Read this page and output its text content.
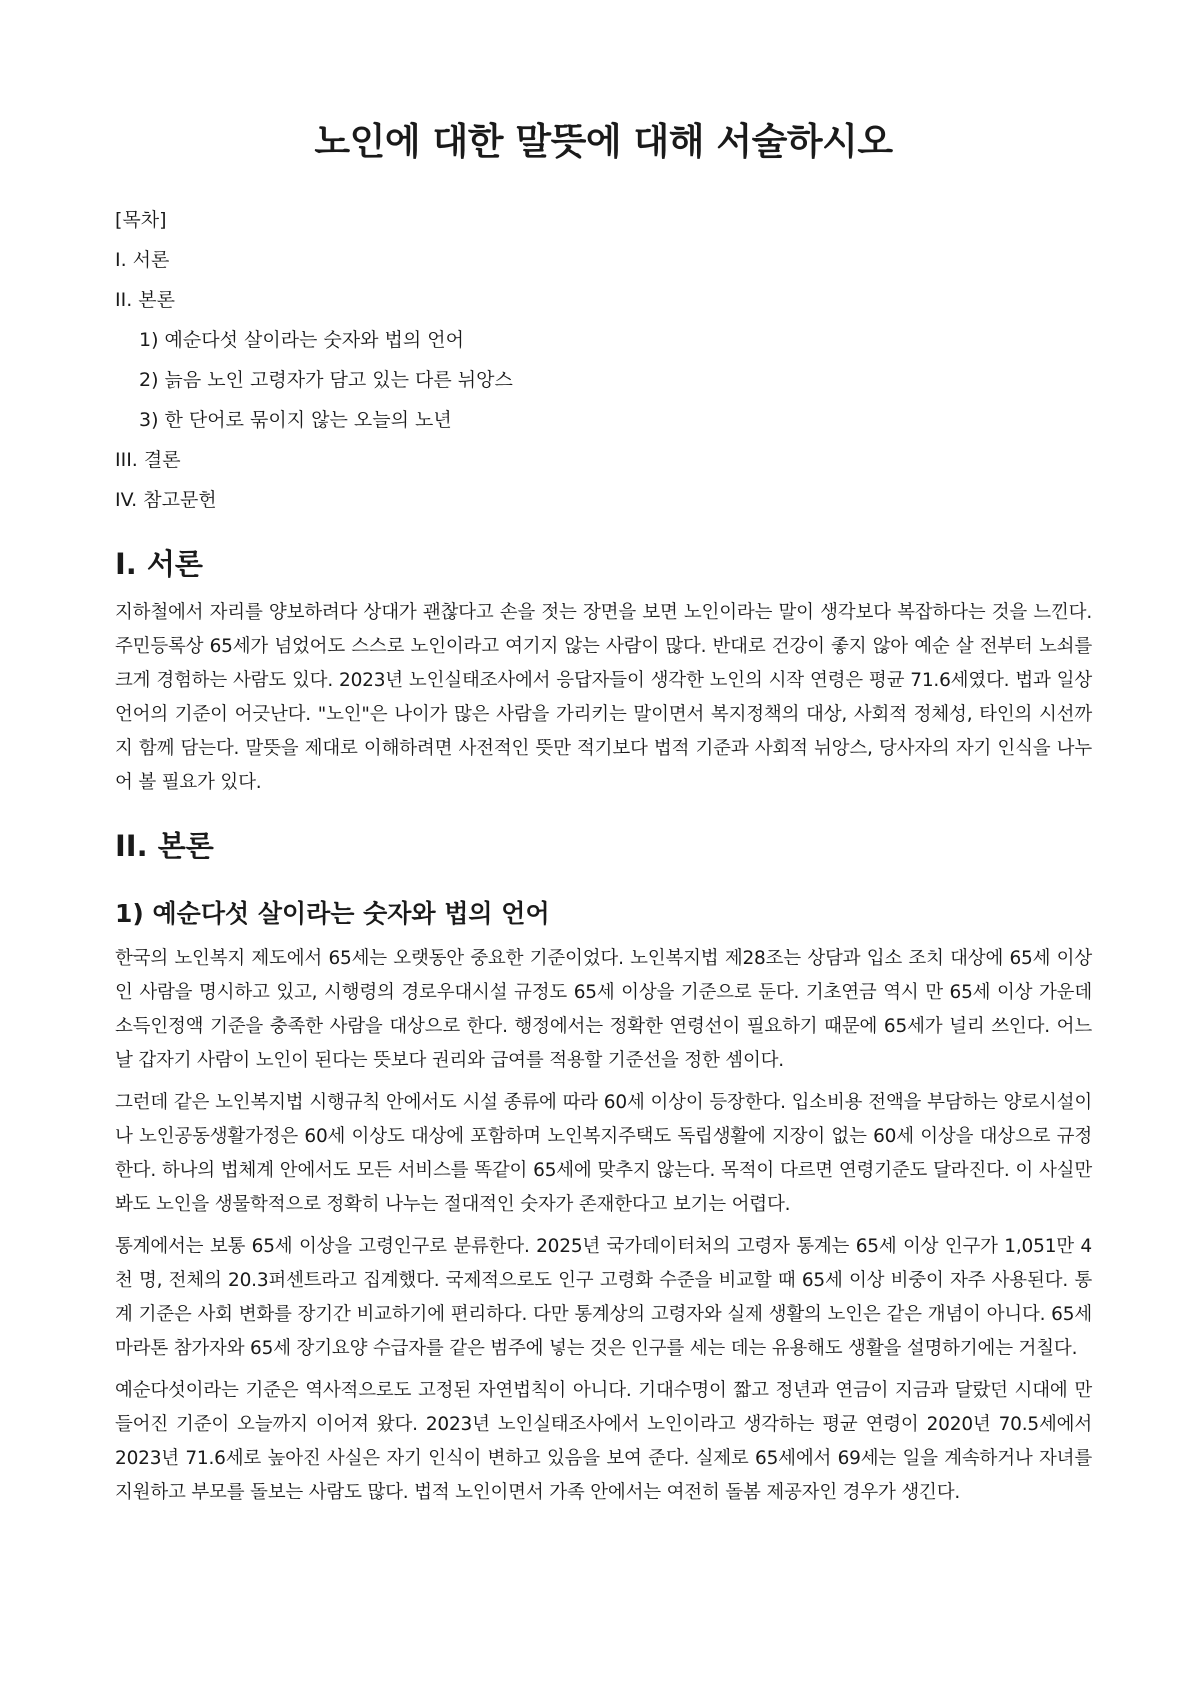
노인에 대한 말뜻에 대해 서술하시오
[목차]
I. 서론
II. 본론
1) 예순다섯 살이라는 숫자와 법의 언어
2) 늙음 노인 고령자가 담고 있는 다른 뉘앙스
3) 한 단어로 묶이지 않는 오늘의 노년
III. 결론
IV. 참고문헌
I. 서론

지하철에서 자리를 양보하려다 상대가 괜찮다고 손을 젓는 장면을 보면 노인이라는 말이 생각보다 복잡하다는 것을 느낀다. 주민등록상 65세가 넘었어도 스스로 노인이라고 여기지 않는 사람이 많다. 반대로 건강이 좋지 않아 예순 살 전부터 노쇠를 크게 경험하는 사람도 있다. 2023년 노인실태조사에서 응답자들이 생각한 노인의 시작 연령은 평균 71.6세였다. 법과 일상 언어의 기준이 어긋난다. "노인"은 나이가 많은 사람을 가리키는 말이면서 복지정책의 대상, 사회적 정체성, 타인의 시선까지 함께 담는다. 말뜻을 제대로 이해하려면 사전적인 뜻만 적기보다 법적 기준과 사회적 뉘앙스, 당사자의 자기 인식을 나누어 볼 필요가 있다.

II. 본론
1) 예순다섯 살이라는 숫자와 법의 언어

한국의 노인복지 제도에서 65세는 오랫동안 중요한 기준이었다. 노인복지법 제28조는 상담과 입소 조치 대상에 65세 이상인 사람을 명시하고 있고, 시행령의 경로우대시설 규정도 65세 이상을 기준으로 둔다. 기초연금 역시 만 65세 이상 가운데 소득인정액 기준을 충족한 사람을 대상으로 한다. 행정에서는 정확한 연령선이 필요하기 때문에 65세가 널리 쓰인다. 어느 날 갑자기 사람이 노인이 된다는 뜻보다 권리와 급여를 적용할 기준선을 정한 셈이다.

그런데 같은 노인복지법 시행규칙 안에서도 시설 종류에 따라 60세 이상이 등장한다. 입소비용 전액을 부담하는 양로시설이나 노인공동생활가정은 60세 이상도 대상에 포함하며 노인복지주택도 독립생활에 지장이 없는 60세 이상을 대상으로 규정한다. 하나의 법체계 안에서도 모든 서비스를 똑같이 65세에 맞추지 않는다. 목적이 다르면 연령기준도 달라진다. 이 사실만 봐도 노인을 생물학적으로 정확히 나누는 절대적인 숫자가 존재한다고 보기는 어렵다.

통계에서는 보통 65세 이상을 고령인구로 분류한다. 2025년 국가데이터처의 고령자 통계는 65세 이상 인구가 1,051만 4천 명, 전체의 20.3퍼센트라고 집계했다. 국제적으로도 인구 고령화 수준을 비교할 때 65세 이상 비중이 자주 사용된다. 통계 기준은 사회 변화를 장기간 비교하기에 편리하다. 다만 통계상의 고령자와 실제 생활의 노인은 같은 개념이 아니다. 65세 마라톤 참가자와 65세 장기요양 수급자를 같은 범주에 넣는 것은 인구를 세는 데는 유용해도 생활을 설명하기에는 거칠다.

예순다섯이라는 기준은 역사적으로도 고정된 자연법칙이 아니다. 기대수명이 짧고 정년과 연금이 지금과 달랐던 시대에 만들어진 기준이 오늘까지 이어져 왔다. 2023년 노인실태조사에서 노인이라고 생각하는 평균 연령이 2020년 70.5세에서 2023년 71.6세로 높아진 사실은 자기 인식이 변하고 있음을 보여 준다. 실제로 65세에서 69세는 일을 계속하거나 자녀를 지원하고 부모를 돌보는 사람도 많다. 법적 노인이면서 가족 안에서는 여전히 돌봄 제공자인 경우가 생긴다.
